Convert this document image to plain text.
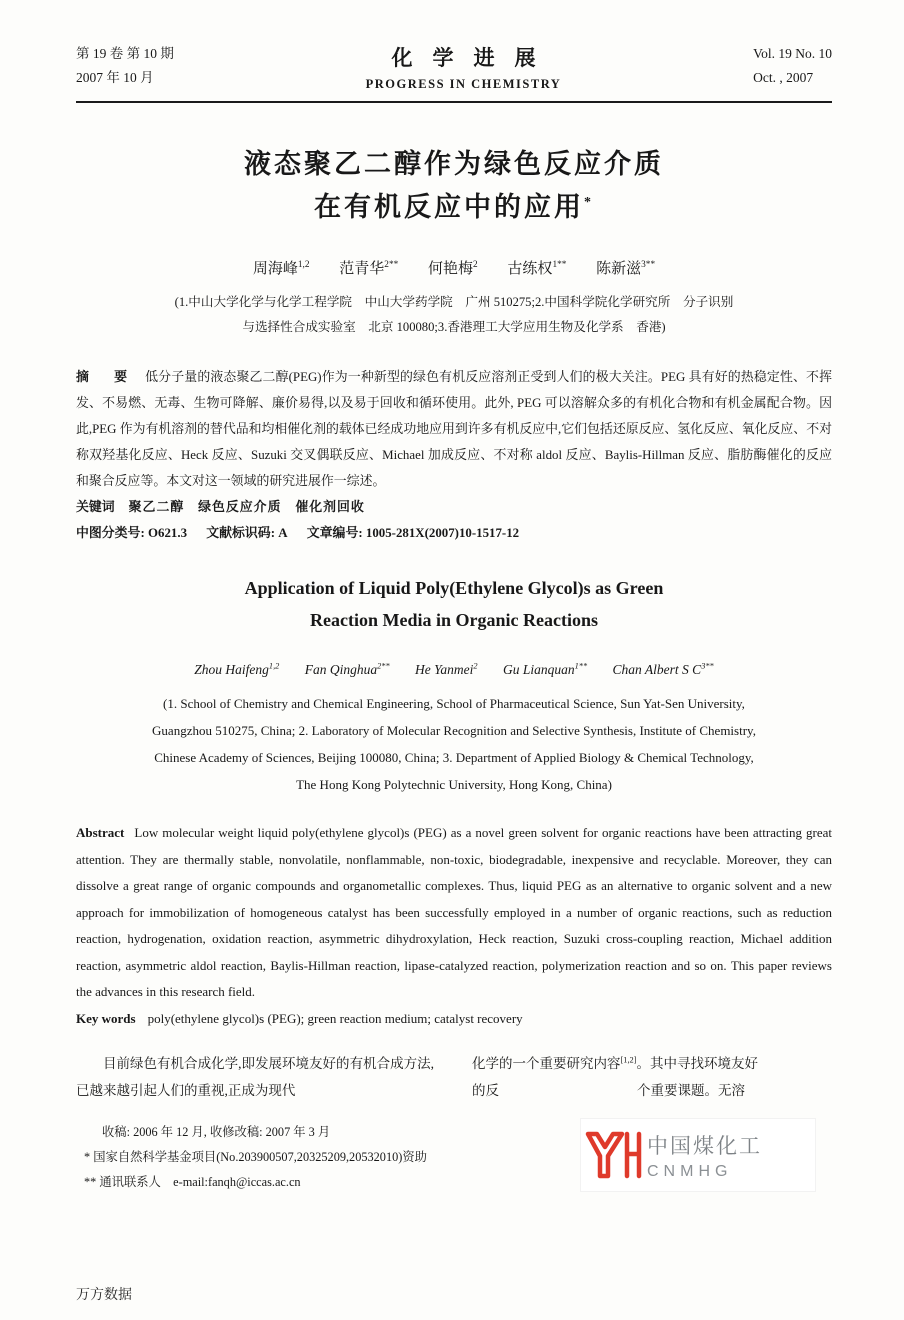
第 19 卷 第 10 期
2007 年 10 月
化学进展
PROGRESS IN CHEMISTRY
Vol. 19 No. 10
Oct. , 2007
液态聚乙二醇作为绿色反应介质
在有机反应中的应用*
周海峰$^{1,2}$ 范青华$^{2**}$ 何艳梅$^2$ 古练权$^{1**}$ 陈新滋$^{3**}$
(1.中山大学化学与化学工程学院　中山大学药学院　广州 510275;2.中国科学院化学研究所　分子识别
与选择性合成实验室　北京 100080;3.香港理工大学应用生物及化学系　香港)

摘　要 低分子量的液态聚乙二醇(PEG)作为一种新型的绿色有机反应溶剂正受到人们的极大关注。PEG 具有好的热稳定性、不挥发、不易燃、无毒、生物可降解、廉价易得,以及易于回收和循环使用。此外, PEG 可以溶解众多的有机化合物和有机金属配合物。因此,PEG 作为有机溶剂的替代品和均相催化剂的载体已经成功地应用到许多有机反应中,它们包括还原反应、氢化反应、氧化反应、不对称双羟基化反应、Heck 反应、Suzuki 交叉偶联反应、Michael 加成反应、不对称 aldol 反应、Baylis-Hillman 反应、脂肪酶催化的反应和聚合反应等。本文对这一领域的研究进展作一综述。

关键词 聚乙二醇　绿色反应介质　催化剂回收
中图分类号: O621.3 文献标识码: A 文章编号: 1005-281X(2007)10-1517-12
Application of Liquid Poly(Ethylene Glycol)s as Green
Reaction Media in Organic Reactions
Zhou Haifeng$^{1,2}$ Fan Qinghua$^{2**}$ He Yanmei$^2$ Gu Lianquan$^{1**}$ Chan Albert S $C^{3**}$
(1. School of Chemistry and Chemical Engineering, School of Pharmaceutical Science, Sun Yat-Sen University,
Guangzhou 510275, China; 2. Laboratory of Molecular Recognition and Selective Synthesis, Institute of Chemistry,
Chinese Academy of Sciences, Beijing 100080, China; 3. Department of Applied Biology & Chemical Technology,
The Hong Kong Polytechnic University, Hong Kong, China)

Abstract Low molecular weight liquid poly(ethylene glycol)s (PEG) as a novel green solvent for organic reactions have been attracting great attention. They are thermally stable, nonvolatile, nonflammable, non-toxic, biodegradable, inexpensive and recyclable. Moreover, they can dissolve a great range of organic compounds and organometallic complexes. Thus, liquid PEG as an alternative to organic solvent and a new approach for immobilization of homogeneous catalyst has been successfully employed in a number of organic reactions, such as reduction reaction, hydrogenation, oxidation reaction, asymmetric dihydroxylation, Heck reaction, Suzuki cross-coupling reaction, Michael addition reaction, asymmetric aldol reaction, Baylis-Hillman reaction, lipase-catalyzed reaction, polymerization reaction and so on. This paper reviews the advances in this research field.

Key words poly(ethylene glycol)s (PEG); green reaction medium; catalyst recovery

目前绿色有机合成化学,即发展环境友好的有机合成方法,已越来越引起人们的重视,正成为现代

化学的一个重要研究内容[1,2]。其中寻找环境友好
的反	个重要课题。无溶
收稿: 2006 年 12 月, 收修改稿: 2007 年 3 月
* 国家自然科学基金项目(No.203900507,20325209,20532010)资助
** 通讯联系人　e-mail:fanqh@iccas.ac.cn
中国煤化工
CNMHG
万方数据
